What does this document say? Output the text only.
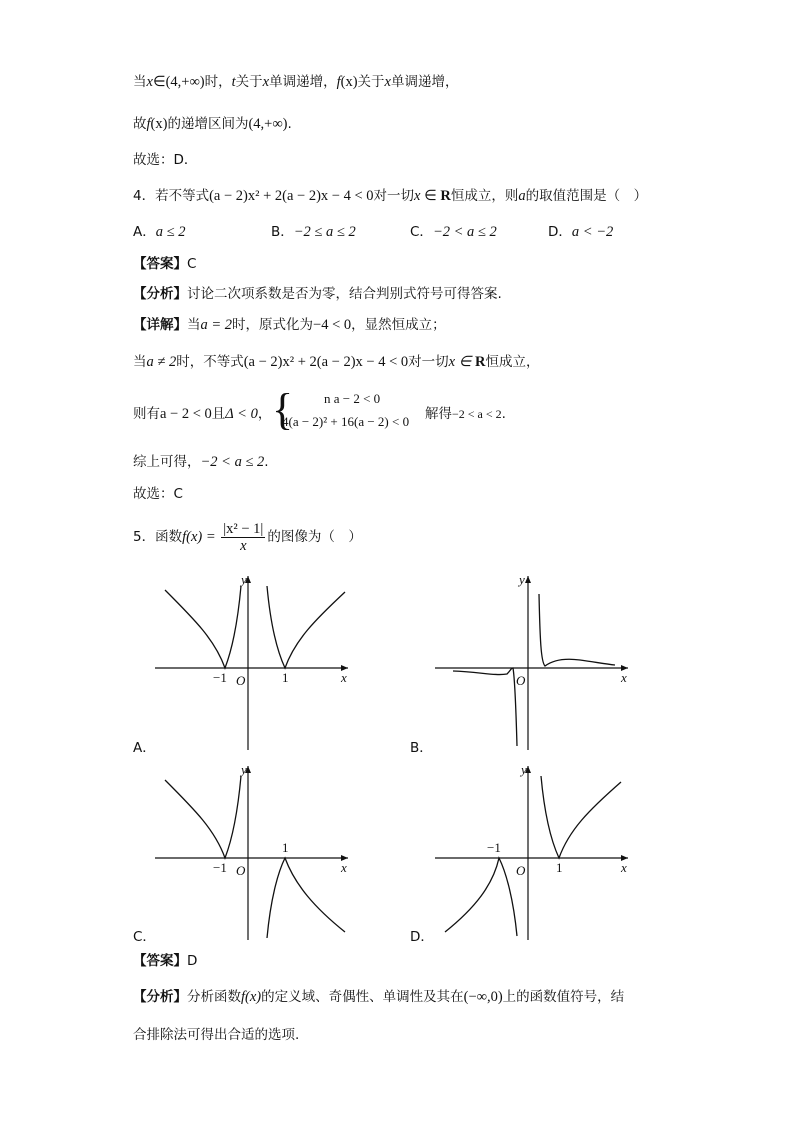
当x∈(4,+∞)时，t关于x单调递增，f(x)关于x单调递增，
故f(x)的递增区间为(4,+∞).
故选：D．
4．若不等式(a − 2)x² + 2(a − 2)x − 4 < 0对一切x ∈ R恒成立，则a的取值范围是（　）
A．a ≤ 2	B．−2 ≤ a ≤ 2	C．−2 < a ≤ 2	D．a < −2
【答案】C
【分析】讨论二次项系数是否为零，结合判别式符号可得答案.
【详解】当a = 2时，原式化为−4 < 0，显然恒成立；
当a ≠ 2时，不等式(a − 2)x² + 2(a − 2)x − 4 < 0对一切x ∈ R恒成立，
则有a − 2 < 0且Δ < 0， { n a − 2 < 0
4(a − 2)² + 16(a − 2) < 0 解得−2 < a < 2.
综上可得，−2 < a ≤ 2.
故选：C
5．函数$f(x) = \frac{\text{|x² − 1|}}{x}$ 的图像为（　）
y
x
O
−1	1
A．
y
x
O
B．
y
x
O
−1
1
C．
y
x
O
−1
1
D．
【答案】D
【分析】分析函数f(x)的定义域、奇偶性、单调性及其在(−∞,0)上的函数值符号，结
合排除法可得出合适的选项.
